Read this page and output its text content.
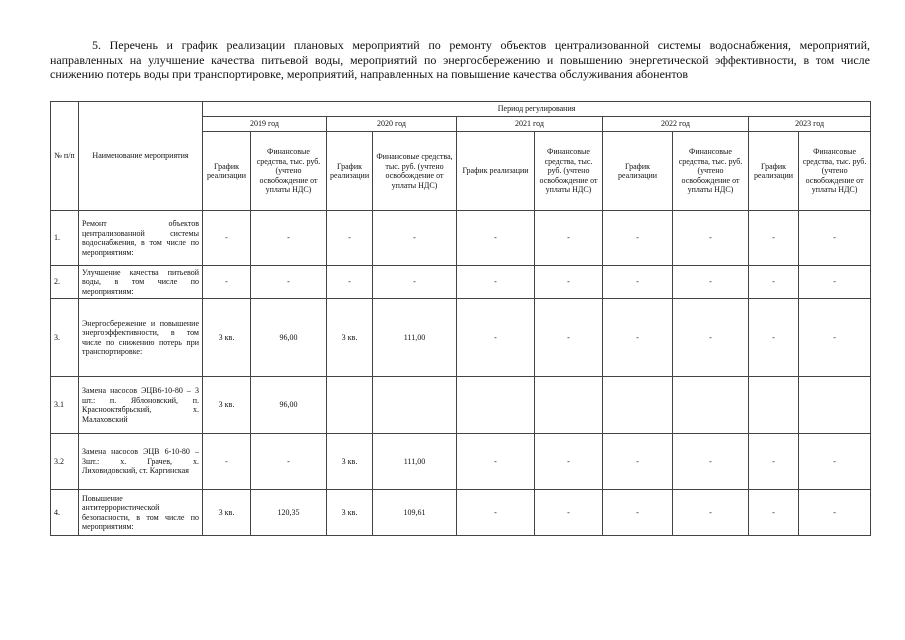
5. Перечень и график реализации плановых мероприятий по ремонту объектов централизованной системы водоснабжения, мероприятий, направленных на улучшение качества питьевой воды, мероприятий по энергосбережению и повышению энергетической эффективности, в том числе снижению потерь воды при транспортировке, мероприятий, направленных на повышение качества обслуживания абонентов

№ п/п	Наименование мероприятия	Период регулирования									
		2019 год		2020 год		2021 год		2022 год		2023 год	
		График реализации	Финансовые средства, тыс. руб. (учтено освобождение от уплаты НДС)	График реализации	Финансовые средства, тыс. руб. (учтено освобождение от уплаты НДС)	График реализации	Финансовые средства, тыс. руб. (учтено освобождение от уплаты НДС)	График реализации	Финансовые средства, тыс. руб. (учтено освобождение от уплаты НДС)	График реализации	Финансовые средства, тыс. руб. (учтено освобождение от уплаты НДС)
1.	Ремонт объектов централизованной системы водоснабжения, в том числе по мероприятиям:	-	-	-	-	-	-	-	-	-	-
2.	Улучшение качества питьевой воды, в том числе по мероприятиям:	-	-	-	-	-	-	-	-	-	-
3.	Энергосбережение и повышение энергоэффективности, в том числе по снижению потерь при транспортировке:	3 кв.	96,00	3 кв.	111,00	-	-	-	-	-	-
3.1	Замена насосов ЭЦВ6-10-80 – 3 шт.: п. Яблоновский, п. Краснооктябрьский, х. Малаховский	3 кв.	96,00								
3.2	Замена насосов ЭЦВ 6-10-80 – 3шт.: х. Грачев, х. Лиховидовский, ст. Каргинская	-	-	3 кв.	111,00	-	-	-	-	-	-
4.	Повышение антитеррористической безопасности, в том числе по мероприятиям:	3 кв.	120,35	3 кв.	109,61	-	-	-	-	-	-
